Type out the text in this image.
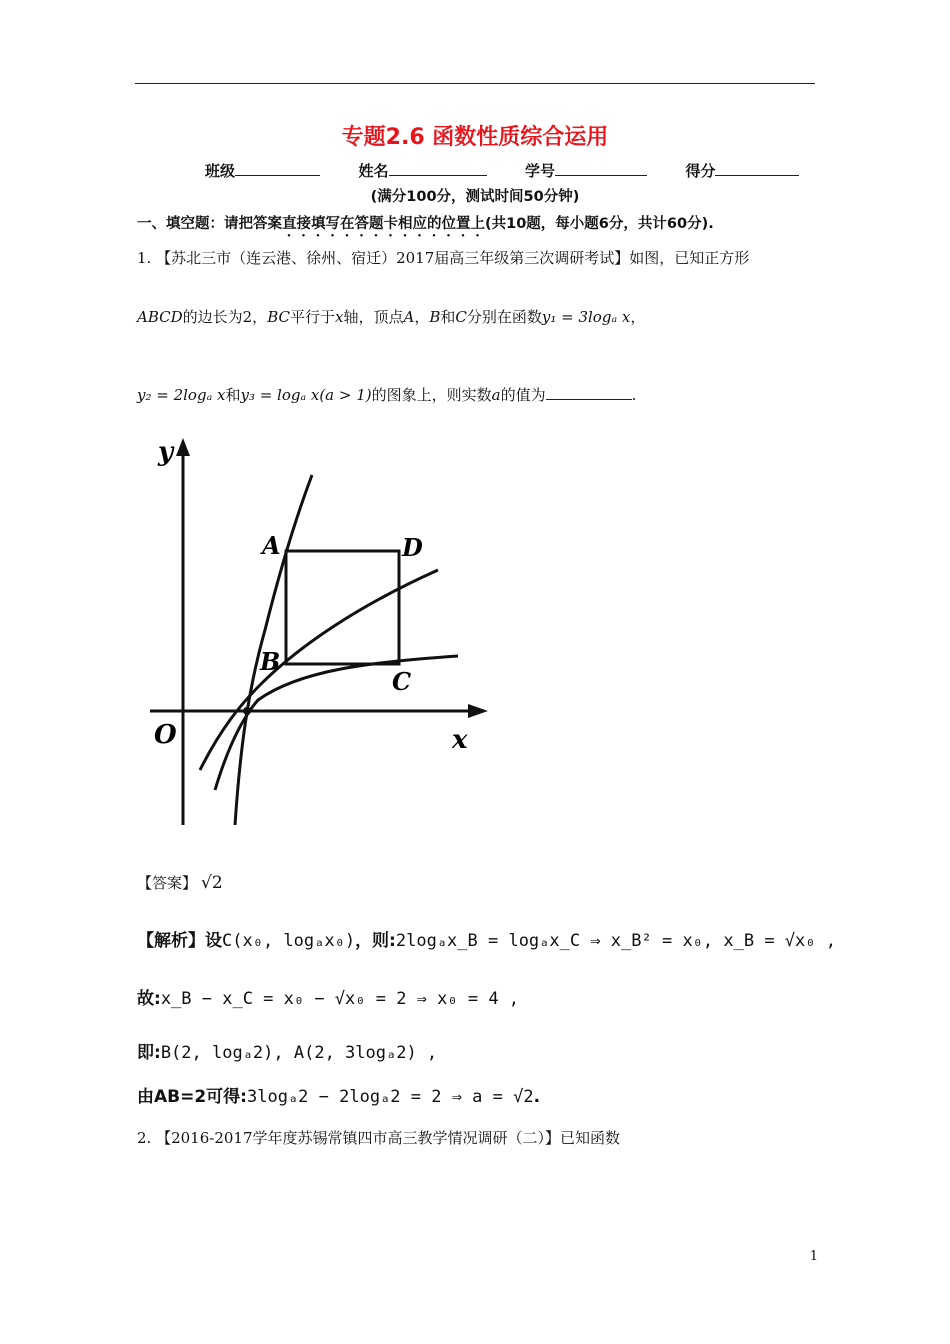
专题2.6 函数性质综合运用
班级	姓名	学号	得分
(满分100分，测试时间50分钟)
一、填空题：请把答案直接填写在答题卡相应的位置上(共10题，每小题6分，共计60分).
1. 【苏北三市（连云港、徐州、宿迁）2017届高三年级第三次调研考试】如图，已知正方形
ABCD的边长为2，BC平行于x轴，顶点A，B和C分别在函数y₁ = 3logₐ x，
y₂ = 2logₐ x和y₃ = logₐ x(a > 1)的图象上，则实数a的值为	.
y
x
O
A
B
C
D
【答案】 √2
【解析】设C(x₀, logₐx₀)，则:2logₐx_B = logₐx_C ⇒ x_B² = x₀, x_B = √x₀ ,
故:x_B − x_C = x₀ − √x₀ = 2 ⇒ x₀ = 4 ,
即:B(2, logₐ2), A(2, 3logₐ2) ,
由AB=2可得:3logₐ2 − 2logₐ2 = 2 ⇒ a = √2.
2. 【2016-2017学年度苏锡常镇四市高三教学情况调研（二）】已知函数
1
